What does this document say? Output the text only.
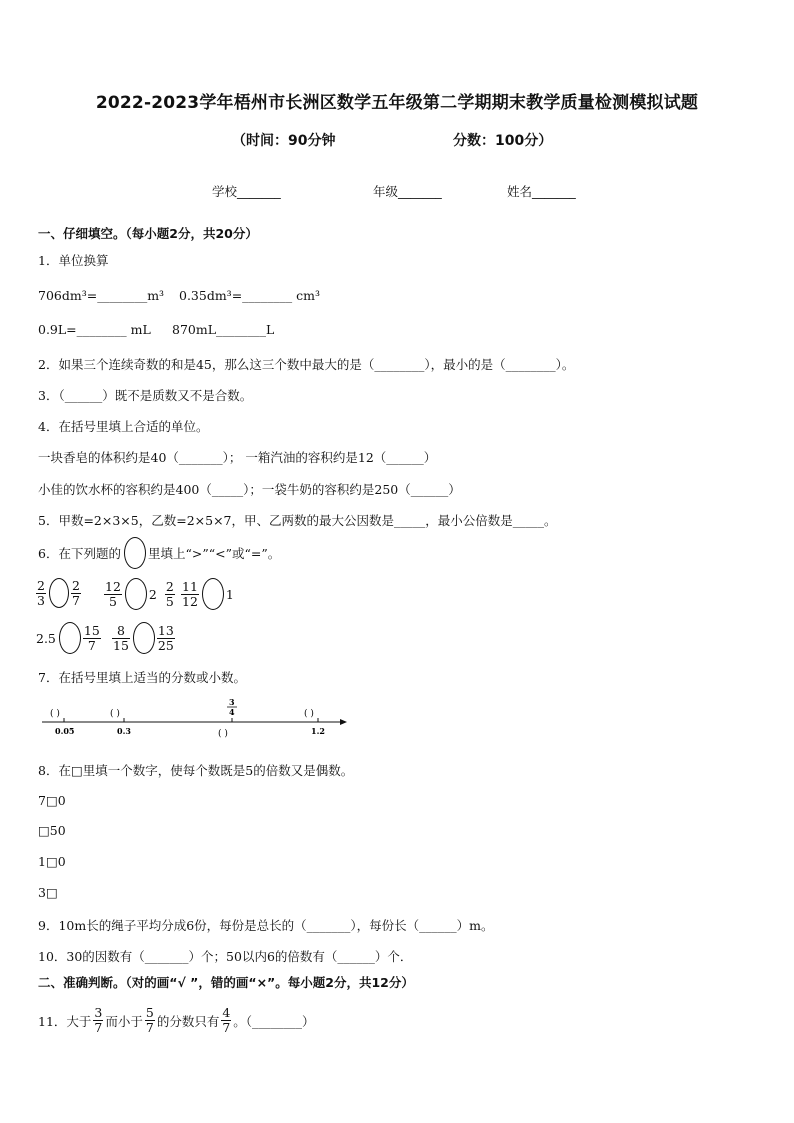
2022-2023学年梧州市长洲区数学五年级第二学期期末教学质量检测模拟试题
（时间：90分钟	分数：100分）
学校_______	年级_______	姓名_______
一、仔细填空。（每小题2分，共20分）
1．单位换算
706dm³=________m³ 0.35dm³=________ cm³
0.9L=________ mL 870mL________L
2．如果三个连续奇数的和是45，那么这三个数中最大的是（________），最小的是（________）。
3．（______）既不是质数又不是合数。
4．在括号里填上合适的单位。
一块香皂的体积约是40（_______）； 一箱汽油的容积约是12（______）
小佳的饮水杯的容积约是400（_____）；一袋牛奶的容积约是250（______）
5．甲数=2×3×5，乙数=2×5×7，甲、乙两数的最大公因数是_____，最小公倍数是_____。
6．在下列题的 里填上“>”“<”或“=”。
$\frac{2}{3} \frac{2}{7} \frac{12}{5} 2 \frac{2}{5} \frac{11}{12} 1$
$2.5 \frac{15}{7} \frac{8}{15} \frac{13}{25}$
7．在括号里填上适当的分数或小数。
( )	( )	( )
( )
3
4
0.05	0.3	1.2
8．在□里填一个数字，使每个数既是5的倍数又是偶数。
7□0
□50
1□0
3□
9．10m长的绳子平均分成6份，每份是总长的（_______），每份长（______）m。
10．30的因数有（_______）个；50以内6的倍数有（______）个．
二、准确判断。（对的画“√ ”，错的画“×”。每小题2分，共12分）
11．大于 $\frac{3}{7}$ 而小于 $\frac{5}{7}$ 的分数只有 $\frac{4}{7}$ 。（________）
